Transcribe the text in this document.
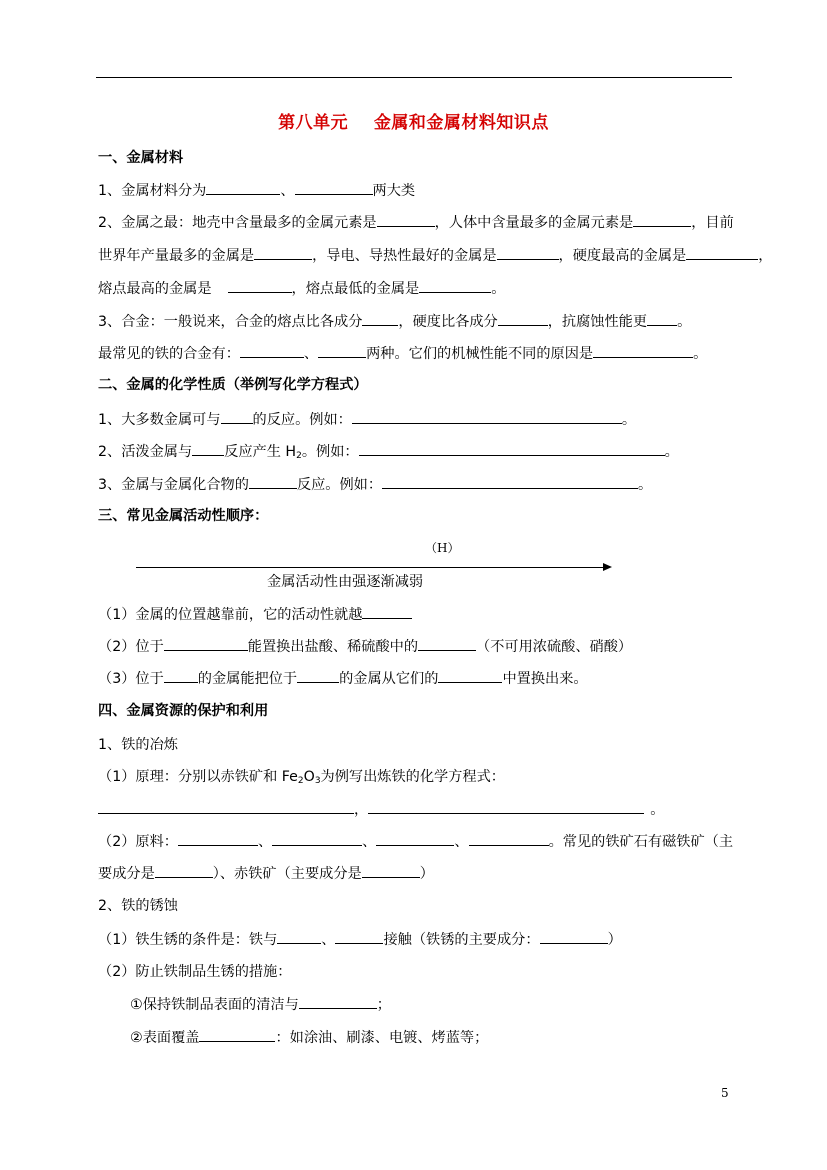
第八单元    金属和金属材料知识点
一、金属材料
1、金属材料分为	、	两大类
2、金属之最：地壳中含量最多的金属元素是	，人体中含量最多的金属元素是	，目前
世界年产量最多的金属是	，导电、导热性最好的金属是	，硬度最高的金属是	，
熔点最高的金属是	，熔点最低的金属是	。
3、合金：一般说来，合金的熔点比各成分	，硬度比各成分	，抗腐蚀性能更 。
最常见的铁的合金有：	、	两种。它们的机械性能不同的原因是	。
二、金属的化学性质（举例写化学方程式）
1、大多数金属可与 的反应。例如：	。
2、活泼金属与 反应产生 $H_2$。例如：	。
3、金属与金属化合物的	反应。例如：	。
三、常见金属活动性顺序：
（H）
金属活动性由强逐渐减弱
（1）金属的位置越靠前，它的活动性就越
（2）位于	能置换出盐酸、稀硫酸中的	（不可用浓硫酸、硝酸）
（3）位于 的金属能把位于	的金属从它们的	中置换出来。
四、金属资源的保护和利用
1、铁的冶炼
（1）原理：分别以赤铁矿和 $Fe_2O_3$为例写出炼铁的化学方程式：
，	。
（2）原料：	、	、	、	。常见的铁矿石有磁铁矿（主
要成分是	）、赤铁矿（主要成分是	）
2、铁的锈蚀
（1）铁生锈的条件是：铁与	、	接触（铁锈的主要成分：	）
（2）防止铁制品生锈的措施：
①保持铁制品表面的清洁与	；
②表面覆盖	：如涂油、刷漆、电镀、烤蓝等；
5
